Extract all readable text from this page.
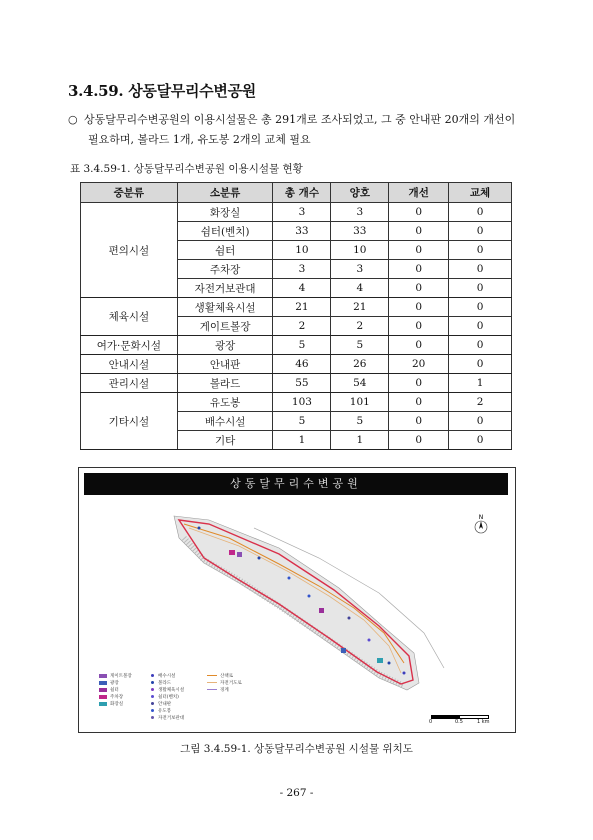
3.4.59. 상동달무리수변공원
○ 상동달무리수변공원의 이용시설물은 총 291개로 조사되었고, 그 중 안내판 20개의 개선이
필요하며, 볼라드 1개, 유도봉 2개의 교체 필요
표 3.4.59-1. 상동달무리수변공원 이용시설물 현황
중분류	소분류	총 개수	양호	개선	교체
편의시설	화장실	3	3	0	0
	쉼터(벤치)	33	33	0	0
	쉼터	10	10	0	0
	주차장	3	3	0	0
	자전거보관대	4	4	0	0
체육시설	생활체육시설	21	21	0	0
	게이트볼장	2	2	0	0
여가·문화시설	광장	5	5	0	0
안내시설	안내판	46	26	20	0
관리시설	볼라드	55	54	0	1
기타시설	유도봉	103	101	0	2
	배수시설	5	5	0	0
	기타	1	1	0	0
상동달무리수변공원
N
게이트볼장
광장
쉼터
주차장
화장실
배수시설
볼라드
생활체육시설
쉼터(벤치)
안내판
유도봉
자전거보관대
산책로
자전거도로
경계
0	0.5	1 km
그림 3.4.59-1. 상동달무리수변공원 시설물 위치도
- 267 -
